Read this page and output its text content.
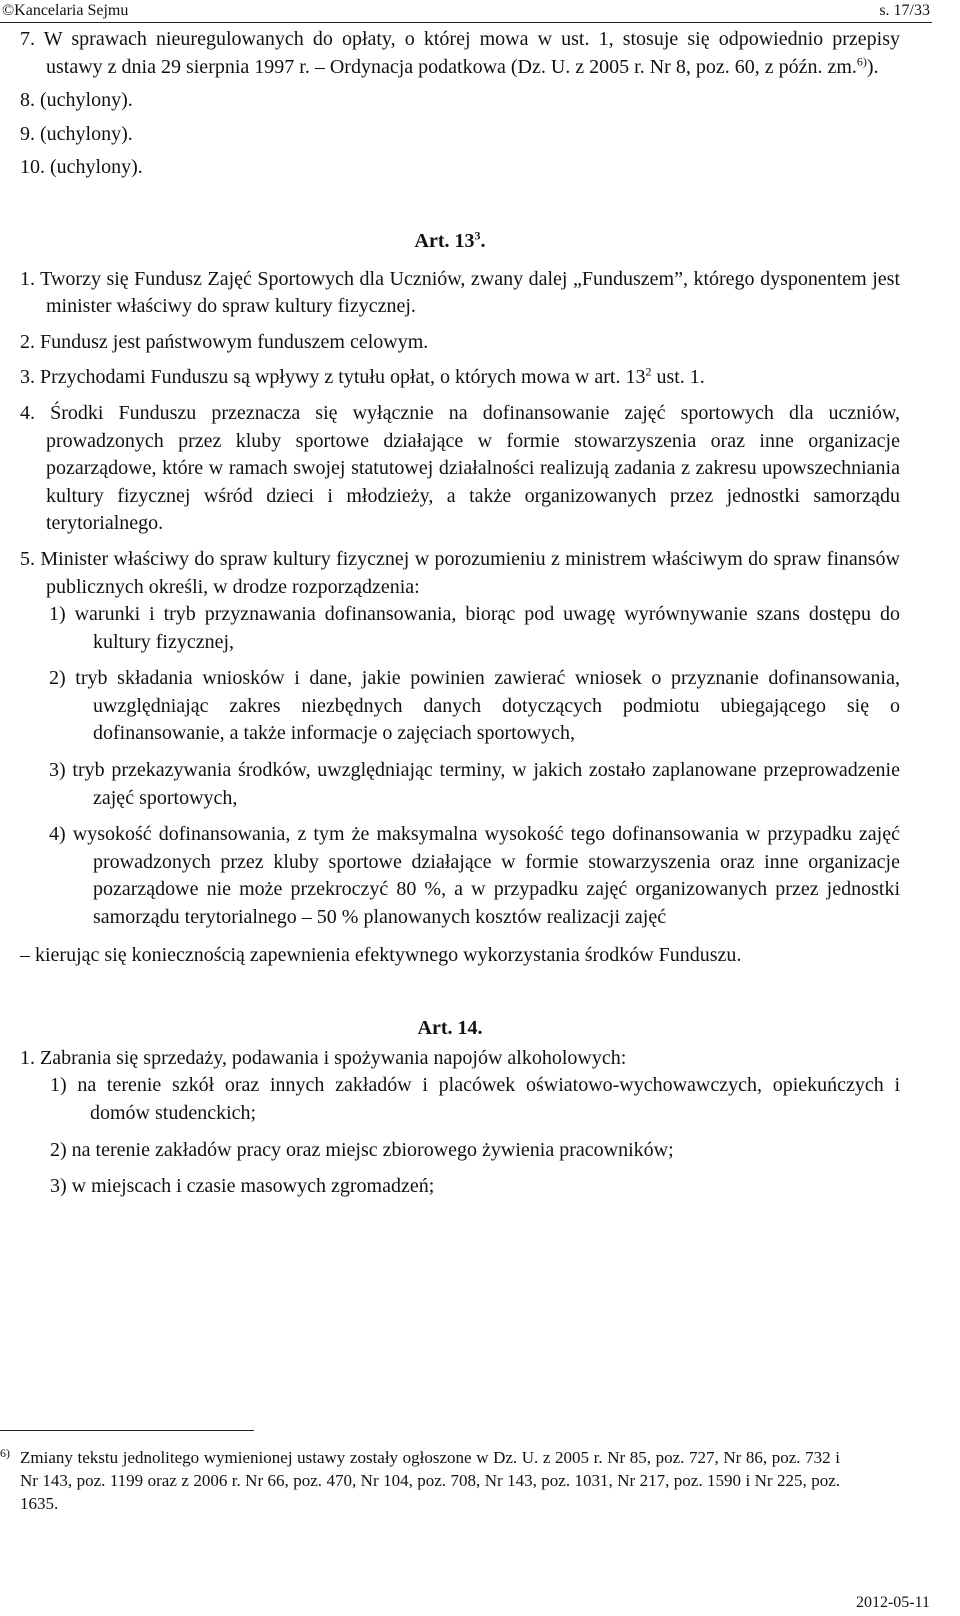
©Kancelaria Sejmu	s. 17/33

7. W sprawach nieuregulowanych do opłaty, o której mowa w ust. 1, stosuje się odpowiednio przepisy ustawy z dnia 29 sierpnia 1997 r. – Ordynacja podatkowa (Dz. U. z 2005 r. Nr 8, poz. 60, z późn. zm.$^{6)}$).

8. (uchylony).

9. (uchylony).

10. (uchylony).

Art. $13^3$.

1. Tworzy się Fundusz Zajęć Sportowych dla Uczniów, zwany dalej „Funduszem”, którego dysponentem jest minister właściwy do spraw kultury fizycznej.

2. Fundusz jest państwowym funduszem celowym.

3. Przychodami Funduszu są wpływy z tytułu opłat, o których mowa w art. $13^2$ ust. 1.

4. Środki Funduszu przeznacza się wyłącznie na dofinansowanie zajęć sportowych dla uczniów, prowadzonych przez kluby sportowe działające w formie stowarzyszenia oraz inne organizacje pozarządowe, które w ramach swojej statutowej działalności realizują zadania z zakresu upowszechniania kultury fizycznej wśród dzieci i młodzieży, a także organizowanych przez jednostki samorządu terytorialnego.

5. Minister właściwy do spraw kultury fizycznej w porozumieniu z ministrem właściwym do spraw finansów publicznych określi, w drodze rozporządzenia:

1) warunki i tryb przyznawania dofinansowania, biorąc pod uwagę wyrównywanie szans dostępu do kultury fizycznej,

2) tryb składania wniosków i dane, jakie powinien zawierać wniosek o przyznanie dofinansowania, uwzględniając zakres niezbędnych danych dotyczących podmiotu ubiegającego się o dofinansowanie, a także informacje o zajęciach sportowych,

3) tryb przekazywania środków, uwzględniając terminy, w jakich zostało zaplanowane przeprowadzenie zajęć sportowych,

4) wysokość dofinansowania, z tym że maksymalna wysokość tego dofinansowania w przypadku zajęć prowadzonych przez kluby sportowe działające w formie stowarzyszenia oraz inne organizacje pozarządowe nie może przekroczyć 80 %, a w przypadku zajęć organizowanych przez jednostki samorządu terytorialnego – 50 % planowanych kosztów realizacji zajęć

– kierując się koniecznością zapewnienia efektywnego wykorzystania środków Funduszu.

Art. 14.

1. Zabrania się sprzedaży, podawania i spożywania napojów alkoholowych:

1) na terenie szkół oraz innych zakładów i placówek oświatowo-wychowawczych, opiekuńczych i domów studenckich;

2) na terenie zakładów pracy oraz miejsc zbiorowego żywienia pracowników;

3) w miejscach i czasie masowych zgromadzeń;

6) Zmiany tekstu jednolitego wymienionej ustawy zostały ogłoszone w Dz. U. z 2005 r. Nr 85, poz. 727, Nr 86, poz. 732 i Nr 143, poz. 1199 oraz z 2006 r. Nr 66, poz. 470, Nr 104, poz. 708, Nr 143, poz. 1031, Nr 217, poz. 1590 i Nr 225, poz. 1635.
2012-05-11
